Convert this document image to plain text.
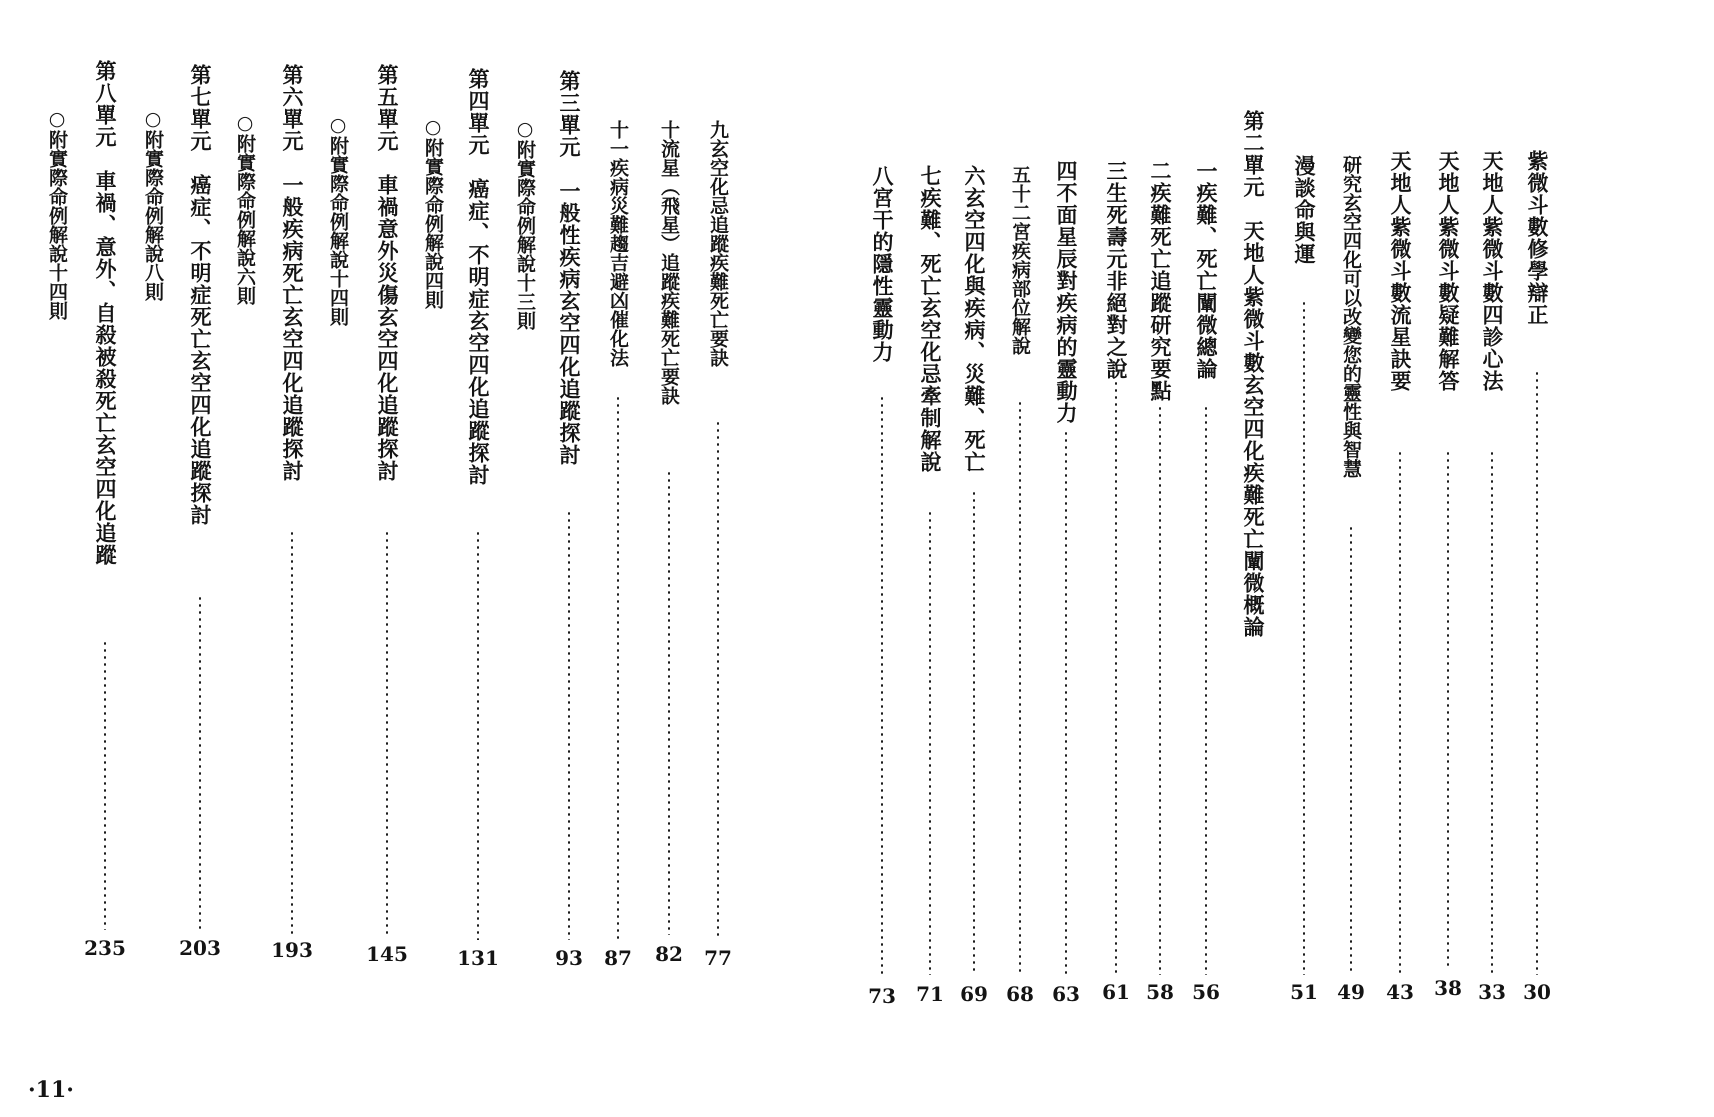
九玄空化忌追蹤疾難死亡要訣
77
十流星（飛星）追蹤疾難死亡要訣
82
十一疾病災難趨吉避凶催化法
87
第三單元　一般性疾病玄空四化追蹤探討
93
○附實際命例解說十三則
第四單元　癌症、不明症玄空四化追蹤探討
131
○附實際命例解說四則
第五單元　車禍意外災傷玄空四化追蹤探討
145
○附實際命例解說十四則
第六單元　一般疾病死亡玄空四化追蹤探討
193
○附實際命例解說六則
第七單元　癌症、不明症死亡玄空四化追蹤探討
203
○附實際命例解說八則
第八單元　車禍、意外、自殺被殺死亡玄空四化追蹤
235
○附實際命例解說十四則
·11·
紫微斗數修學辯正
30
天地人紫微斗數四診心法
33
天地人紫微斗數疑難解答
38
天地人紫微斗數流星訣要
43
研究玄空四化可以改變您的靈性與智慧
49
漫談命與運
51
第二單元　天地人紫微斗數玄空四化疾難死亡闡微概論
一疾難、死亡闡微總論
56
二疾難死亡追蹤研究要點
58
三生死壽元非絕對之說
61
四不面星辰對疾病的靈動力
63
五十二宮疾病部位解說
68
六玄空四化與疾病、災難、死亡
69
七疾難、死亡玄空化忌牽制解說
71
八宮干的隱性靈動力
73
